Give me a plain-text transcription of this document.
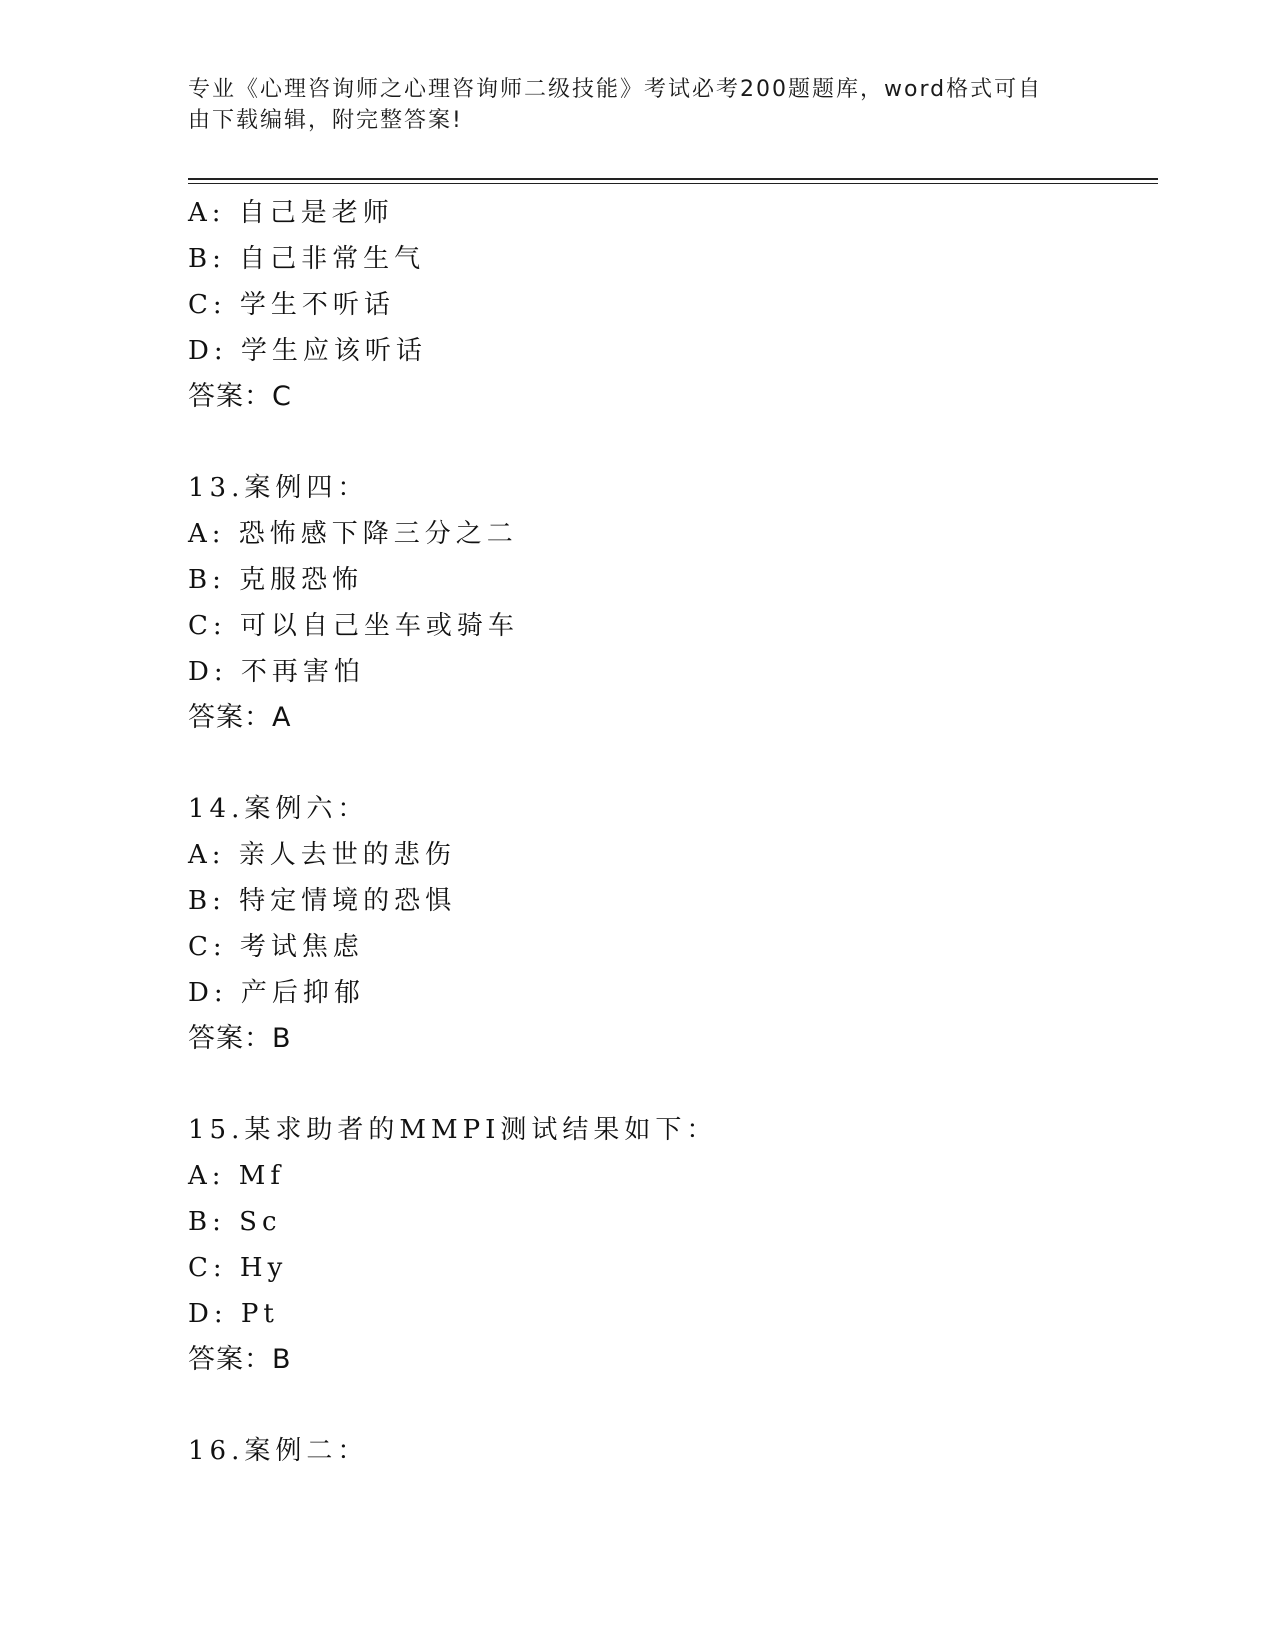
专业《心理咨询师之心理咨询师二级技能》考试必考200题题库，word格式可自
由下载编辑，附完整答案!
A: 自己是老师
B: 自己非常生气
C: 学生不听话
D: 学生应该听话
答案：C
13.案例四：
A: 恐怖感下降三分之二
B: 克服恐怖
C: 可以自己坐车或骑车
D: 不再害怕
答案：A
14.案例六：
A: 亲人去世的悲伤
B: 特定情境的恐惧
C: 考试焦虑
D: 产后抑郁
答案：B
15.某求助者的MMPI测试结果如下：
A: Mf
B: Sc
C: Hy
D: Pt
答案：B
16.案例二：
